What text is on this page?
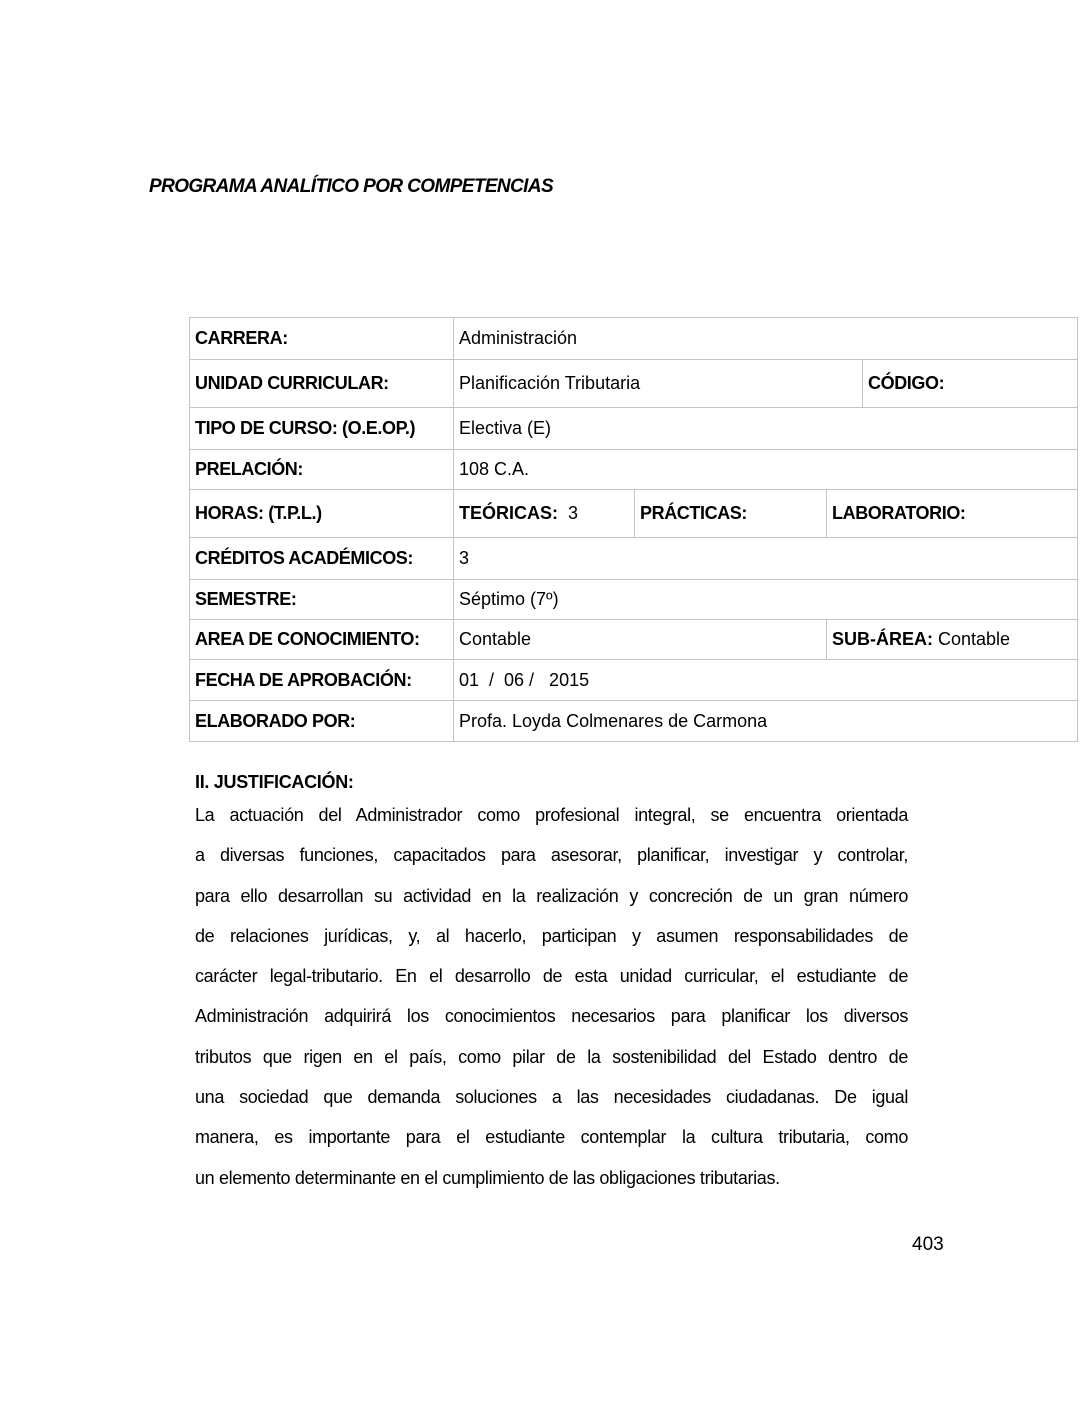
PROGRAMA ANALÍTICO POR COMPETENCIAS
CARRERA:	Administración			
UNIDAD CURRICULAR:	Planificación Tributaria			CÓDIGO:
TIPO DE CURSO: (O.E.OP.)	Electiva (E)			
PRELACIÓN:	108 C.A.			
HORAS: (T.P.L.)	TEÓRICAS: 3	PRÁCTICAS:	LABORATORIO:	
CRÉDITOS ACADÉMICOS:	3			
SEMESTRE:	Séptimo (7º)			
AREA DE CONOCIMIENTO:	Contable		SUB-ÁREA: Contable	
FECHA DE APROBACIÓN:	01  /  06 /   2015			
ELABORADO POR:	Profa. Loyda Colmenares de Carmona			
II. JUSTIFICACIÓN:
La actuación del Administrador como profesional integral, se encuentra orientada
a diversas funciones, capacitados para asesorar, planificar, investigar y controlar,
para ello desarrollan su actividad en la realización y concreción de un gran número
de relaciones jurídicas, y, al hacerlo, participan y asumen responsabilidades de
carácter legal-tributario. En el desarrollo de esta unidad curricular, el estudiante de
Administración adquirirá los conocimientos necesarios para planificar los diversos
tributos que rigen en el país, como pilar de la sostenibilidad del Estado dentro de
una sociedad que demanda soluciones a las necesidades ciudadanas. De igual
manera, es importante para el estudiante contemplar la cultura tributaria, como
un elemento determinante en el cumplimiento de las obligaciones tributarias.
403
